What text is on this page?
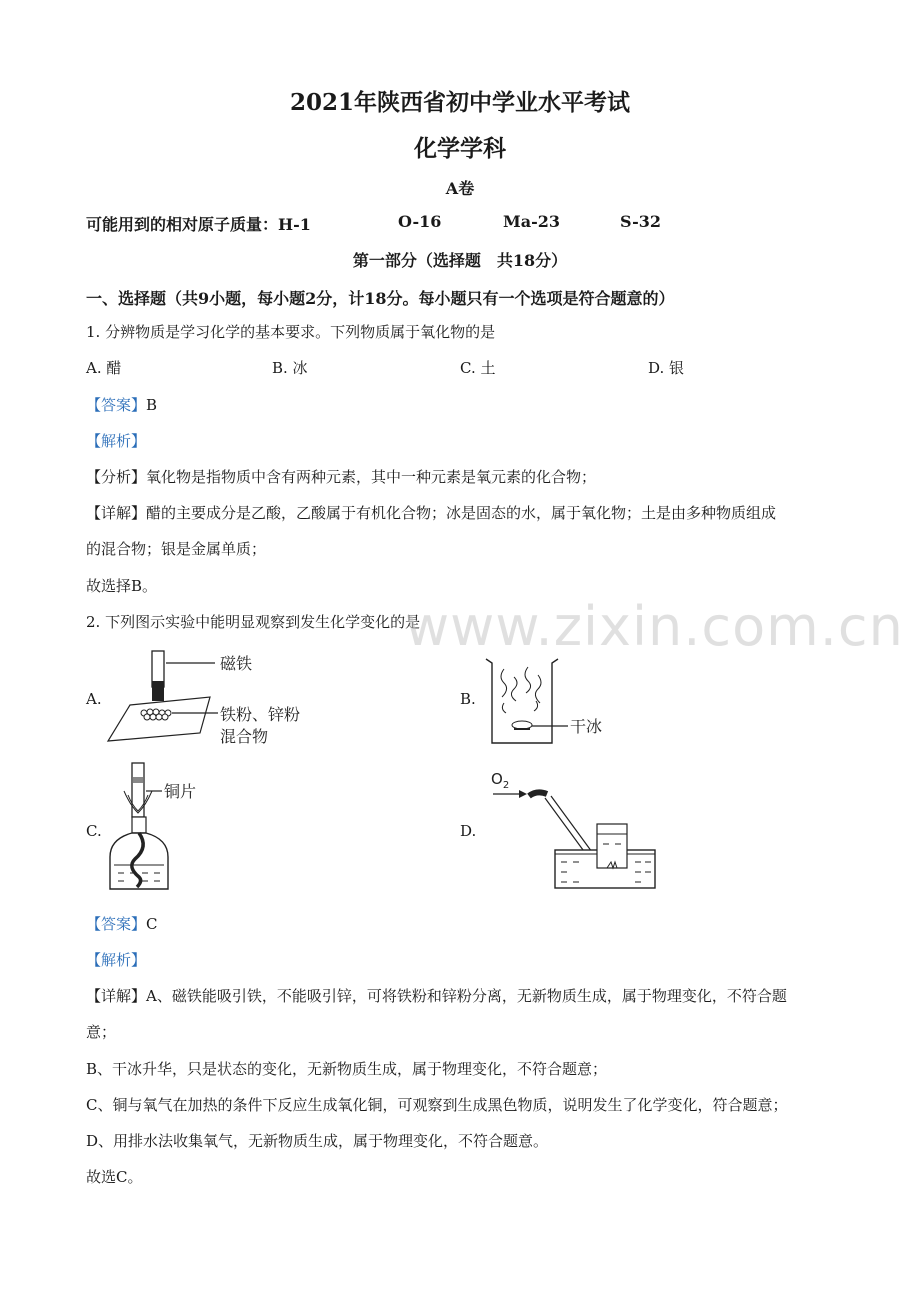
2021年陕西省初中学业水平考试
化学学科
A卷
可能用到的相对原子质量：H-1	O-16	Ma-23	S-32
第一部分（选择题　共18分）
一、选择题（共9小题，每小题2分，计18分。每小题只有一个选项是符合题意的）
1. 分辨物质是学习化学的基本要求。下列物质属于氧化物的是
A. 醋	B. 冰	C. 土	D. 银
【答案】B
【解析】
【分析】氧化物是指物质中含有两种元素，其中一种元素是氧元素的化合物；
【详解】醋的主要成分是乙酸，乙酸属于有机化合物；冰是固态的水，属于氧化物；土是由多种物质组成
的混合物；银是金属单质；
故选择B。
2. 下列图示实验中能明显观察到发生化学变化的是
A.	B.
C.	D.
磁铁
铁粉、锌粉
混合物
干冰
铜片
$O_2$
www.zixin.com.cn
【答案】C
【解析】
【详解】A、磁铁能吸引铁，不能吸引锌，可将铁粉和锌粉分离，无新物质生成，属于物理变化，不符合题
意；
B、干冰升华，只是状态的变化，无新物质生成，属于物理变化，不符合题意；
C、铜与氧气在加热的条件下反应生成氧化铜，可观察到生成黑色物质，说明发生了化学变化，符合题意；
D、用排水法收集氧气，无新物质生成，属于物理变化，不符合题意。
故选C。
